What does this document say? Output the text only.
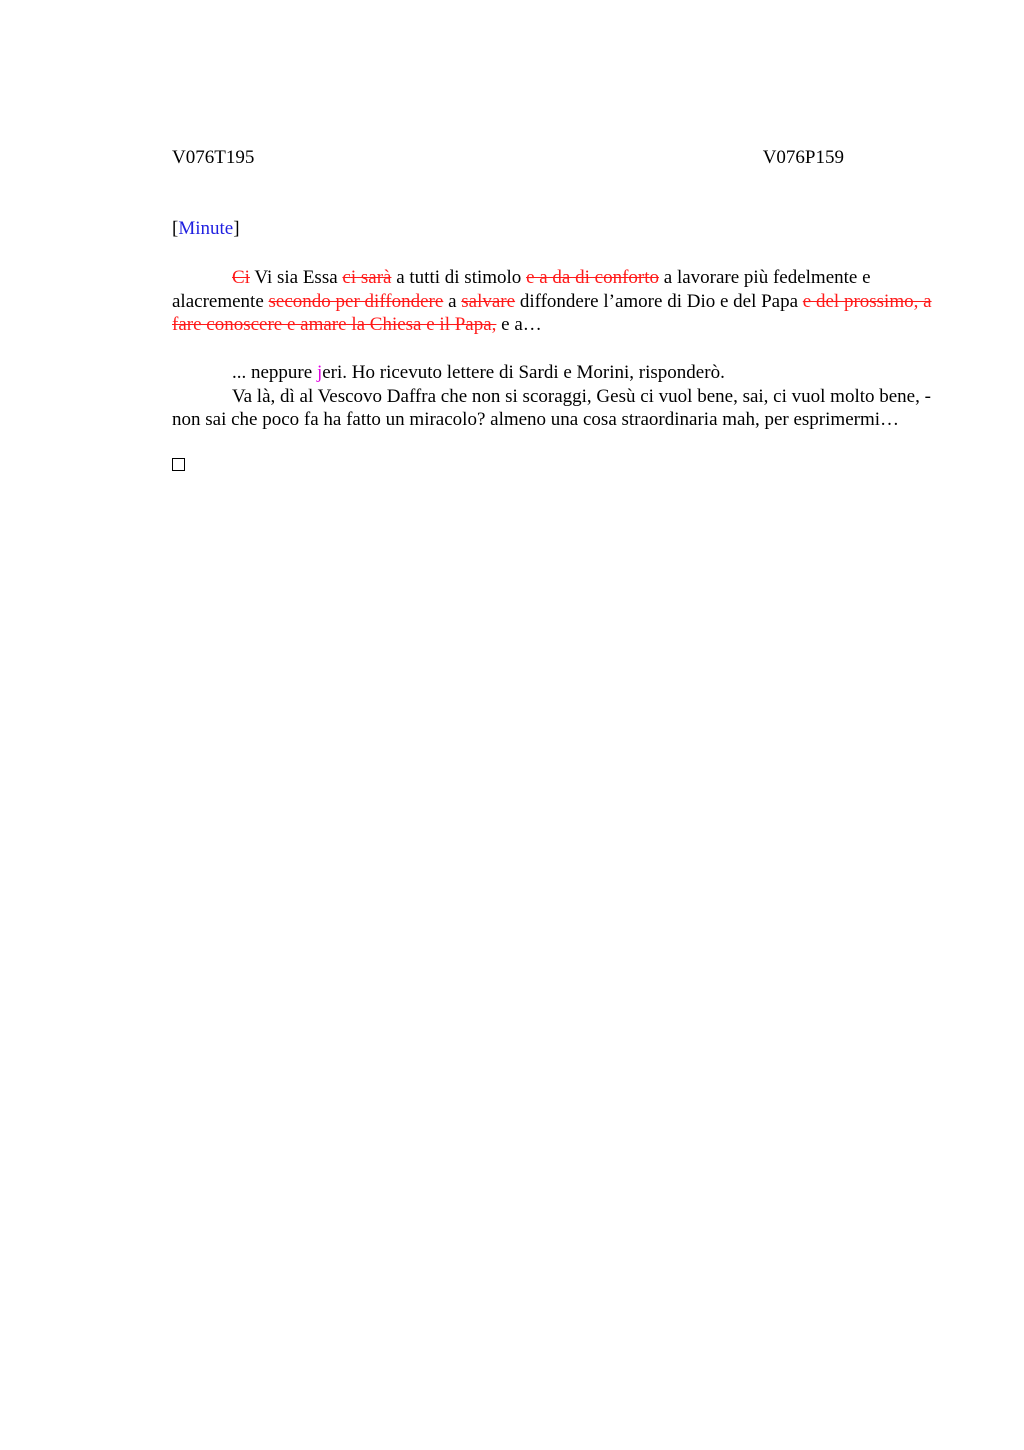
V076T195	V076P159
[Minute]

Ci Vi sia Essa ci sarà a tutti di stimolo e a da di conforto a lavorare più fedelmente e alacremente secondo per diffondere a salvare diffondere l’amore di Dio e del Papa e del prossimo, a fare conoscere e amare la Chiesa e il Papa, e a…

... neppure jeri. Ho ricevuto lettere di Sardi e Morini, risponderò.

Va là, dì al Vescovo Daffra che non si scoraggi, Gesù ci vuol bene, sai, ci vuol molto bene, - non sai che poco fa ha fatto un miracolo? almeno una cosa straordinaria mah, per esprimermi…
